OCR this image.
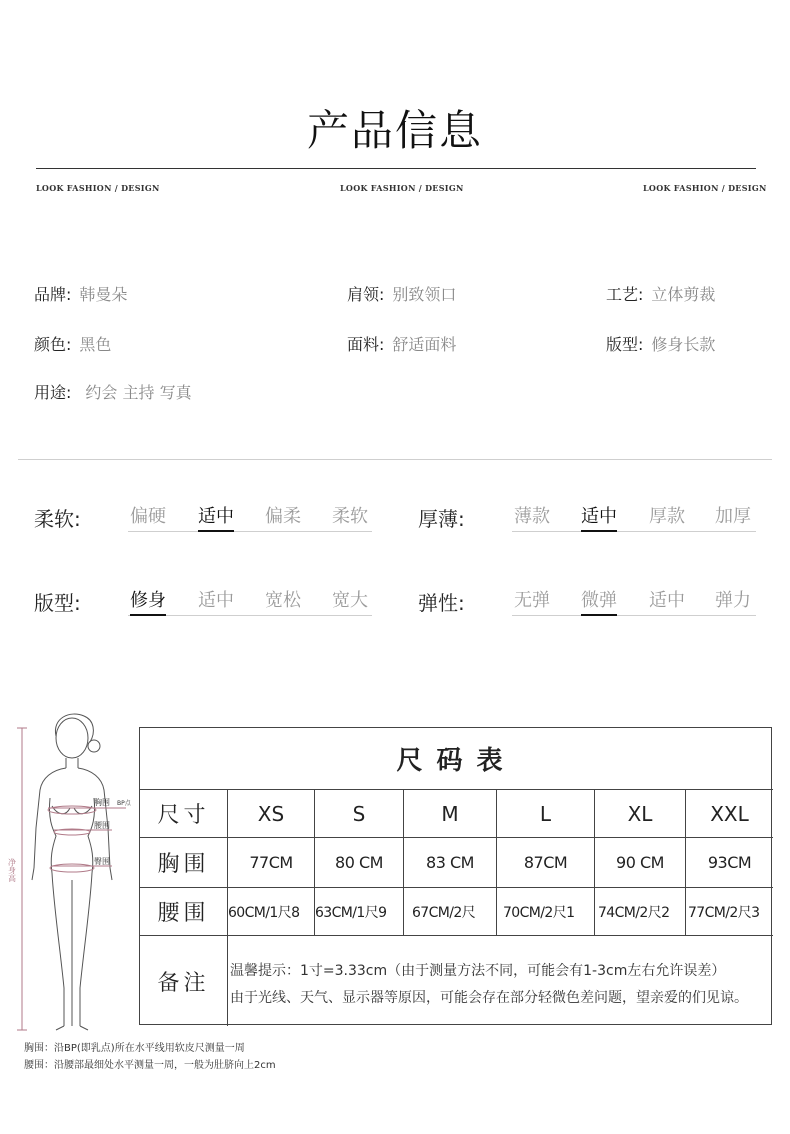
产品信息
LOOK FASHION / DESIGN	LOOK FASHION / DESIGN	LOOK FASHION / DESIGN
品牌: 韩曼朵	肩领: 别致领口	工艺: 立体剪裁
颜色: 黑色	面料: 舒适面料	版型: 修身长款
用途: 约会 主持 写真
柔软:	偏硬	适中	偏柔	柔软	厚薄:	薄款	适中	厚款	加厚
版型:	修身	适中	宽松	宽大	弹性:	无弹	微弹	适中	弹力
胸围 BP点
腰围
臀围
净身高
尺码表
尺寸	XS	S	M	L	XL	XXL
胸围	77CM	80 CM	83 CM	87CM	90 CM	93CM
腰围	60CM/1尺8	63CM/1尺9	67CM/2尺	70CM/2尺1	74CM/2尺2	77CM/2尺3
备注	温馨提示：1寸=3.33cm（由于测量方法不同，可能会有1-3cm左右允许误差）
由于光线、天气、显示器等原因，可能会存在部分轻微色差问题，望亲爱的们见谅。
胸围：沿BP(即乳点)所在水平线用软皮尺测量一周
腰围：沿腰部最细处水平测量一周，一般为肚脐向上2cm
